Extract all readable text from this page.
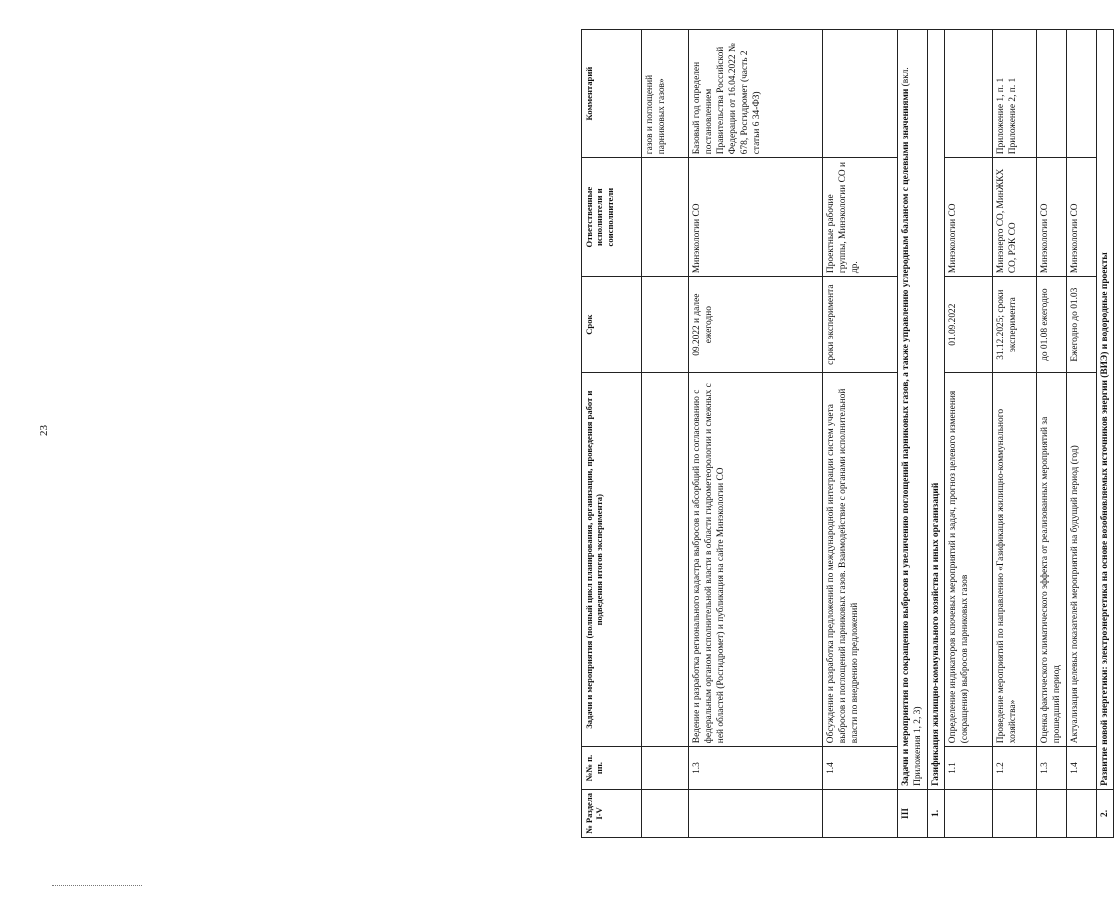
23
№ Раздела I-V	№№ п. пп.	Задачи и мероприятия (полный цикл планирования, организации, проведения работ и подведения итогов эксперимента)	Срок	Ответственные исполнители и соисполнители	Комментарий
					газов и поглощений парниковых газов»
	1.3	Ведение и разработка регионального кадастра выбросов и абсорбций по согласованию с федеральным органом исполнительной власти в области гидрометеорологии и смежных с ней областей (Росгидромет) и публикация на сайте Минэкологии СО	09.2022 и далее ежегодно	Минэкологии СО	Базовый год определен постановлением Правительства Российской Федерации от 16.04.2022 № 678, Росгидромет (часть 2 статьи 6 34-ФЗ)
	1.4	Обсуждение и разработка предложений по международной интеграции систем учета выбросов и поглощений парниковых газов. Взаимодействие с органами исполнительной власти по внедрению предложений	сроки эксперимента	Проектные рабочие группы, Минэкологии СО и др.	
III	Задачи и мероприятия по сокращению выбросов и увеличению поглощений парниковых газов, а также управлению углеродным балансом с целевыми значениями (вкл. Приложения 1, 2, 3)				
1.	Газификация жилищно-коммунального хозяйства и иных организаций				
	1.1	Определение индикаторов ключевых мероприятий и задач, прогноз целевого изменения (сокращения) выбросов парниковых газов	01.09.2022	Минэкологии СО	
	1.2	Проведение мероприятий по направлению «Газификация жилищно-коммунального хозяйства»	31.12.2025; сроки эксперимента	Минэнерго СО, МинЖКХ СО, РЭК СО	Приложение 1, п. 1 Приложение 2, п. 1
	1.3	Оценка фактического климатического эффекта от реализованных мероприятий за прошедший период	до 01.08 ежегодно	Минэкологии СО	
	1.4	Актуализация целевых показателей мероприятий на будущий период (год)	Ежегодно до 01.03	Минэкологии СО	
2.	Развитие новой энергетики: электроэнергетика на основе возобновляемых источников энергии (ВИЭ) и водородные проекты				
